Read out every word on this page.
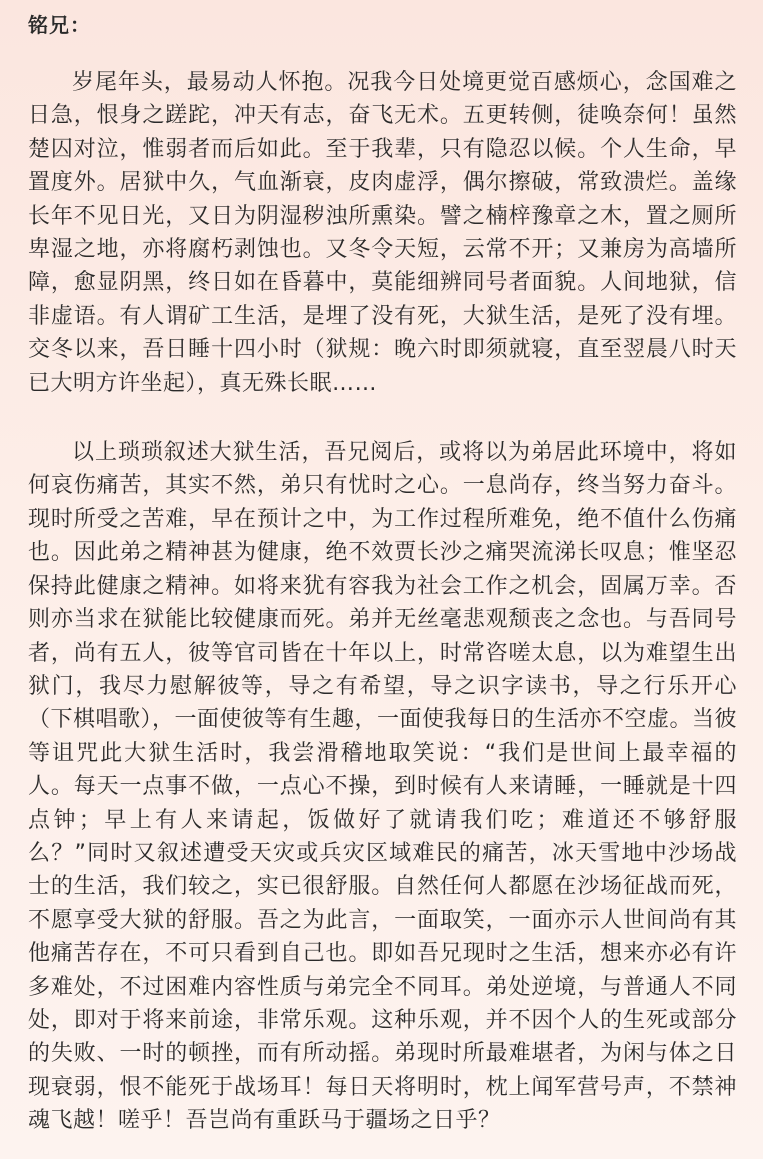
铭兄：

岁尾年头，最易动人怀抱。况我今日处境更觉百感烦心，念国难之日急，恨身之蹉跎，冲天有志，奋飞无术。五更转侧，徒唤奈何！虽然楚囚对泣，惟弱者而后如此。至于我辈，只有隐忍以候。个人生命，早置度外。居狱中久，气血渐衰，皮肉虚浮，偶尔擦破，常致溃烂。盖缘长年不见日光，又日为阴湿秽浊所熏染。譬之楠梓豫章之木，置之厕所卑湿之地，亦将腐朽剥蚀也。又冬令天短，云常不开；又兼房为高墙所障，愈显阴黑，终日如在昏暮中，莫能细辨同号者面貌。人间地狱，信非虚语。有人谓矿工生活，是埋了没有死，大狱生活，是死了没有埋。交冬以来，吾日睡十四小时（狱规：晚六时即须就寝，直至翌晨八时天已大明方许坐起），真无殊长眠……

以上琐琐叙述大狱生活，吾兄阅后，或将以为弟居此环境中，将如何哀伤痛苦，其实不然，弟只有忧时之心。一息尚存，终当努力奋斗。现时所受之苦难，早在预计之中，为工作过程所难免，绝不值什么伤痛也。因此弟之精神甚为健康，绝不效贾长沙之痛哭流涕长叹息；惟坚忍保持此健康之精神。如将来犹有容我为社会工作之机会，固属万幸。否则亦当求在狱能比较健康而死。弟并无丝毫悲观颓丧之念也。与吾同号者，尚有五人，彼等官司皆在十年以上，时常咨嗟太息，以为难望生出狱门，我尽力慰解彼等，导之有希望，导之识字读书，导之行乐开心（下棋唱歌），一面使彼等有生趣，一面使我每日的生活亦不空虚。当彼等诅咒此大狱生活时，我尝滑稽地取笑说：“我们是世间上最幸福的人。每天一点事不做，一点心不操，到时候有人来请睡，一睡就是十四点钟；早上有人来请起，饭做好了就请我们吃；难道还不够舒服么？”同时又叙述遭受天灾或兵灾区域难民的痛苦，冰天雪地中沙场战士的生活，我们较之，实已很舒服。自然任何人都愿在沙场征战而死，不愿享受大狱的舒服。吾之为此言，一面取笑，一面亦示人世间尚有其他痛苦存在，不可只看到自己也。即如吾兄现时之生活，想来亦必有许多难处，不过困难内容性质与弟完全不同耳。弟处逆境，与普通人不同处，即对于将来前途，非常乐观。这种乐观，并不因个人的生死或部分的失败、一时的顿挫，而有所动摇。弟现时所最难堪者，为闲与体之日现衰弱，恨不能死于战场耳！每日天将明时，枕上闻军营号声，不禁神魂飞越！嗟乎！吾岂尚有重跃马于疆场之日乎？
